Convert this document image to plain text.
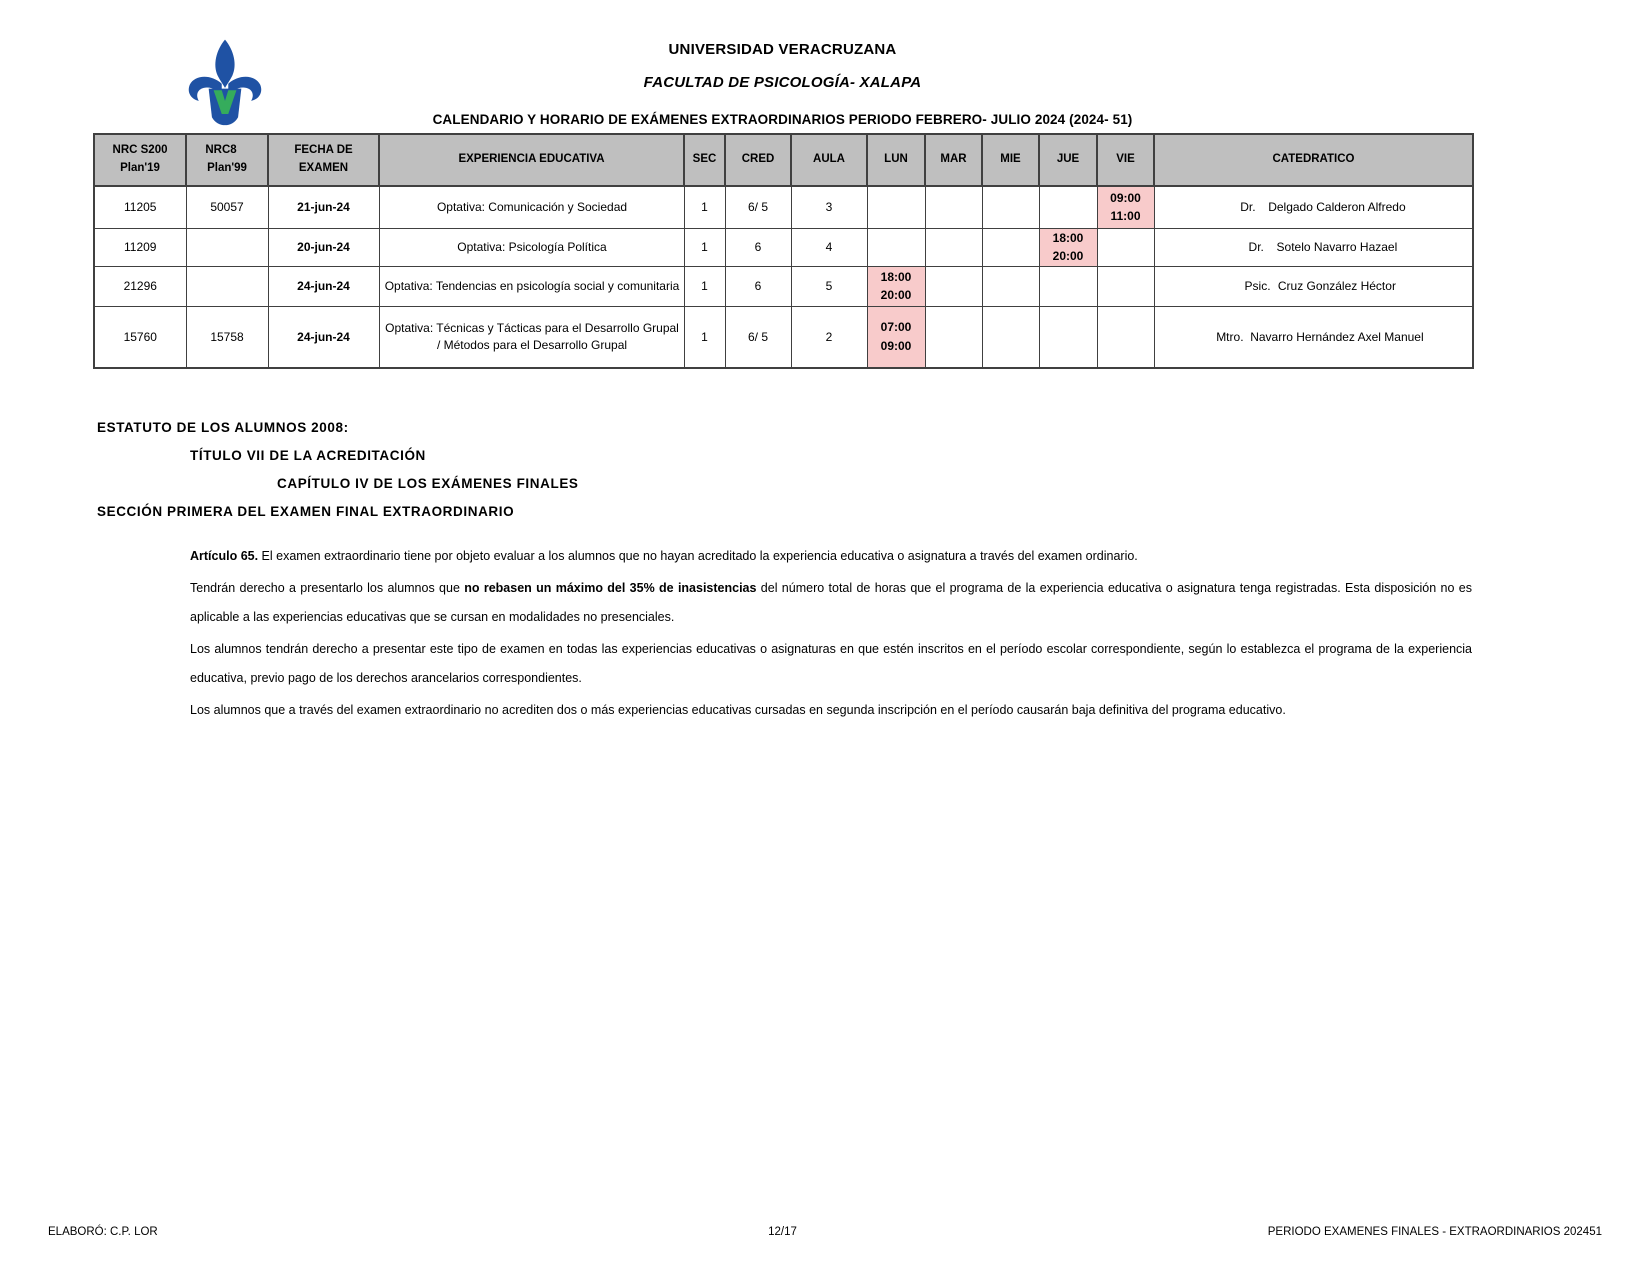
UNIVERSIDAD VERACRUZANA
FACULTAD DE PSICOLOGÍA- XALAPA
CALENDARIO Y HORARIO DE EXÁMENES EXTRAORDINARIOS PERIODO FEBRERO- JULIO 2024 (2024- 51)
NRC S200
Plan'19	NRC8Plan'99	FECHA DE EXAMEN	EXPERIENCIA EDUCATIVA	SEC	CRED	AULA	LUN	MAR	MIE	JUE	VIE	CATEDRATICO
11205	50057	21-jun-24	Optativa: Comunicación y Sociedad	1	6/ 5	3					09:00
11:00	Dr. Delgado Calderon Alfredo
11209		20-jun-24	Optativa: Psicología Política	1	6	4				18:00
20:00		Dr. Sotelo Navarro Hazael
21296		24-jun-24	Optativa: Tendencias en psicología social y comunitaria	1	6	5	18:00
20:00					Psic. Cruz González Héctor
15760	15758	24-jun-24	Optativa: Técnicas y Tácticas para el Desarrollo Grupal / Métodos para el Desarrollo Grupal	1	6/ 5	2	07:00
09:00					Mtro. Navarro Hernández Axel Manuel
ESTATUTO DE LOS ALUMNOS 2008:
TÍTULO VII DE LA ACREDITACIÓN
CAPÍTULO IV DE LOS EXÁMENES FINALES
SECCIÓN PRIMERA DEL EXAMEN FINAL EXTRAORDINARIO

Artículo 65. El examen extraordinario tiene por objeto evaluar a los alumnos que no hayan acreditado la experiencia educativa o asignatura a través del examen ordinario.

Tendrán derecho a presentarlo los alumnos que no rebasen un máximo del 35% de inasistencias del número total de horas que el programa de la experiencia educativa o asignatura tenga registradas. Esta disposición no es aplicable a las experiencias educativas que se cursan en modalidades no presenciales.

Los alumnos tendrán derecho a presentar este tipo de examen en todas las experiencias educativas o asignaturas en que estén inscritos en el período escolar correspondiente, según lo establezca el programa de la experiencia educativa, previo pago de los derechos arancelarios correspondientes.

Los alumnos que a través del examen extraordinario no acrediten dos o más experiencias educativas cursadas en segunda inscripción en el período causarán baja definitiva del programa educativo.

ELABORÓ: C.P. LOR	12/17	PERIODO EXAMENES FINALES - EXTRAORDINARIOS 202451
